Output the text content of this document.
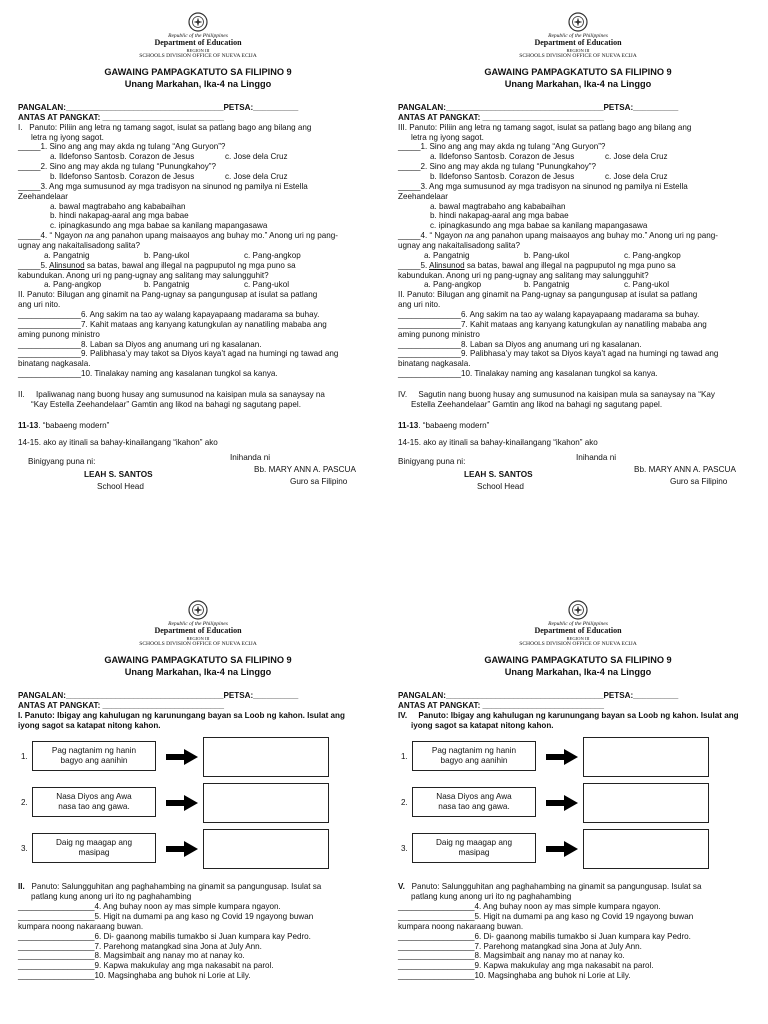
Republic of the Philippines
Department of Education
REGION III
SCHOOLS DIVISION OFFICE OF NUEVA ECIJA
GAWAING PAMPAGKATUTO SA FILIPINO 9
Unang Markahan, Ika-4 na Linggo
PANGALAN:___________________________________PETSA:__________
ANTAS AT PANGKAT: ___________________________
I.   Panuto: Piliin ang letra ng tamang sagot, isulat sa patlang bago ang bilang ang
letra ng iyong sagot.
_____1. Sino ang ang may akda ng tulang “Ang Guryon”?
a. Ildefonso Santos b. Corazon de Jesus	c. Jose dela Cruz
_____2. Sino ang may akda ng tulang “Punungkahoy”?
b. Ildefonso Santos b. Corazon de Jesus	c. Jose dela Cruz
_____3. Ang mga sumusunod ay mga tradisyon na sinunod ng pamilya ni Estella
Zeehandelaar
a. bawal magtrabaho ang kababaihan
b. hindi nakapag-aaral ang mga babae
c. ipinagkasundo ang mga babae sa kanilang mapangasawa
_____4. “ Ngayon na ang panahon upang maisaayos ang buhay mo.” Anong uri ng pang-
ugnay ang nakaitalisadong salita?
a. Pangatnig	b. Pang-ukol	c. Pang-angkop
_____5. Alinsunod sa batas, bawal ang illegal na pagpuputol ng mga puno sa
kabundukan. Anong uri ng pang-ugnay ang salitang may salungguhit?
a. Pang-angkop	b. Pangatnig	c. Pang-ukol
II. Panuto: Bilugan ang ginamit na Pang-ugnay sa pangungusap at isulat sa patlang
ang uri nito.
______________6. Ang sakim na tao ay walang kapayapaang madarama sa buhay.
______________7. Kahit mataas ang kanyang katungkulan ay nanatiling mababa ang
aming punong ministro
______________8. Laban sa Diyos ang anumang uri ng kasalanan.
______________9. Palibhasa’y may takot sa Diyos kaya’t agad na humingi ng tawad ang
binatang nagkasala.
______________10. Tinalakay naming ang kasalanan tungkol sa kanya.
II. Ipaliwanag nang buong husay ang sumusunod na kaisipan mula sa sanaysay na
“Kay Estella Zeehandelaar” Gamtin ang likod na bahagi ng sagutang papel.
11-13. “babaeng modern”
14-15. ako ay itinali sa bahay-kinailangang “ikahon” ako
Binigyang puna ni:
LEAH S. SANTOS
School Head
Inihanda ni
Bb. MARY ANN A. PASCUA
Guro sa Filipino
Republic of the Philippines
Department of Education
REGION III
SCHOOLS DIVISION OFFICE OF NUEVA ECIJA
GAWAING PAMPAGKATUTO SA FILIPINO 9
Unang Markahan, Ika-4 na Linggo
PANGALAN:___________________________________PETSA:__________
ANTAS AT PANGKAT: ___________________________
III. Panuto: Piliin ang letra ng tamang sagot, isulat sa patlang bago ang bilang ang
letra ng iyong sagot.
_____1. Sino ang ang may akda ng tulang “Ang Guryon”?
a. Ildefonso Santos b. Corazon de Jesus	c. Jose dela Cruz
_____2. Sino ang may akda ng tulang “Punungkahoy”?
b. Ildefonso Santos b. Corazon de Jesus	c. Jose dela Cruz
_____3. Ang mga sumusunod ay mga tradisyon na sinunod ng pamilya ni Estella
Zeehandelaar
a. bawal magtrabaho ang kababaihan
b. hindi nakapag-aaral ang mga babae
c. ipinagkasundo ang mga babae sa kanilang mapangasawa
_____4. “ Ngayon na ang panahon upang maisaayos ang buhay mo.” Anong uri ng pang-
ugnay ang nakaitalisadong salita?
a. Pangatnig	b. Pang-ukol	c. Pang-angkop
_____5. Alinsunod sa batas, bawal ang illegal na pagpuputol ng mga puno sa
kabundukan. Anong uri ng pang-ugnay ang salitang may salungguhit?
a. Pang-angkop	b. Pangatnig	c. Pang-ukol
II. Panuto: Bilugan ang ginamit na Pang-ugnay sa pangungusap at isulat sa patlang
ang uri nito.
______________6. Ang sakim na tao ay walang kapayapaang madarama sa buhay.
______________7. Kahit mataas ang kanyang katungkulan ay nanatiling mababa ang
aming punong ministro
______________8. Laban sa Diyos ang anumang uri ng kasalanan.
______________9. Palibhasa’y may takot sa Diyos kaya’t agad na humingi ng tawad ang
binatang nagkasala.
______________10. Tinalakay naming ang kasalanan tungkol sa kanya.
IV. Sagutin nang buong husay ang sumusunod na kaisipan mula sa sanaysay na “Kay
Estella Zeehandelaar” Gamtin ang likod na bahagi ng sagutang papel.
11-13. “babaeng modern”
14-15. ako ay itinali sa bahay-kinailangang “ikahon” ako
Binigyang puna ni:
LEAH S. SANTOS
School Head
Inihanda ni
Bb. MARY ANN A. PASCUA
Guro sa Filipino
Republic of the Philippines
Department of Education
REGION III
SCHOOLS DIVISION OFFICE OF NUEVA ECIJA
GAWAING PAMPAGKATUTO SA FILIPINO 9
Unang Markahan, Ika-4 na Linggo
PANGALAN:___________________________________PETSA:__________
ANTAS AT PANGKAT: ___________________________
I. Panuto: Ibigay ang kahulugan ng karunungang bayan sa Loob ng kahon. Isulat ang
iyong sagot sa katapat nitong kahon.
1.
Pag nagtanim ng hanin
bagyo ang aanihin
2.
Nasa Diyos ang Awa
nasa tao ang gawa.
3.
Daig ng maagap ang
masipag
II. Panuto: Salungguhitan ang paghahambing na ginamit sa pangungusap. Isulat sa
patlang kung anong uri ito ng paghahambing
_________________4. Ang buhay noon ay mas simple kumpara ngayon.
_________________5. Higit na dumami pa ang kaso ng Covid 19 ngayong buwan
kumpara noong nakaraang buwan.
_________________6. Di- gaanong mabilis tumakbo si Juan kumpara kay Pedro.
_________________7. Parehong matangkad sina Jona at July Ann.
_________________8. Magsimbait ang nanay mo at nanay ko.
_________________9. Kapwa makukulay ang mga nakasabit na parol.
_________________10. Magsinghaba ang buhok ni Lorie at Lily.
Republic of the Philippines
Department of Education
REGION III
SCHOOLS DIVISION OFFICE OF NUEVA ECIJA
GAWAING PAMPAGKATUTO SA FILIPINO 9
Unang Markahan, Ika-4 na Linggo
PANGALAN:___________________________________PETSA:__________
ANTAS AT PANGKAT: ___________________________
IV. Panuto: Ibigay ang kahulugan ng karunungang bayan sa Loob ng kahon. Isulat ang
iyong sagot sa katapat nitong kahon.
1.
Pag nagtanim ng hanin
bagyo ang aanihin
2.
Nasa Diyos ang Awa
nasa tao ang gawa.
3.
Daig ng maagap ang
masipag
V. Panuto: Salungguhitan ang paghahambing na ginamit sa pangungusap. Isulat sa
patlang kung anong uri ito ng paghahambing
_________________4. Ang buhay noon ay mas simple kumpara ngayon.
_________________5. Higit na dumami pa ang kaso ng Covid 19 ngayong buwan
kumpara noong nakaraang buwan.
_________________6. Di- gaanong mabilis tumakbo si Juan kumpara kay Pedro.
_________________7. Parehong matangkad sina Jona at July Ann.
_________________8. Magsimbait ang nanay mo at nanay ko.
_________________9. Kapwa makukulay ang mga nakasabit na parol.
_________________10. Magsinghaba ang buhok ni Lorie at Lily.
